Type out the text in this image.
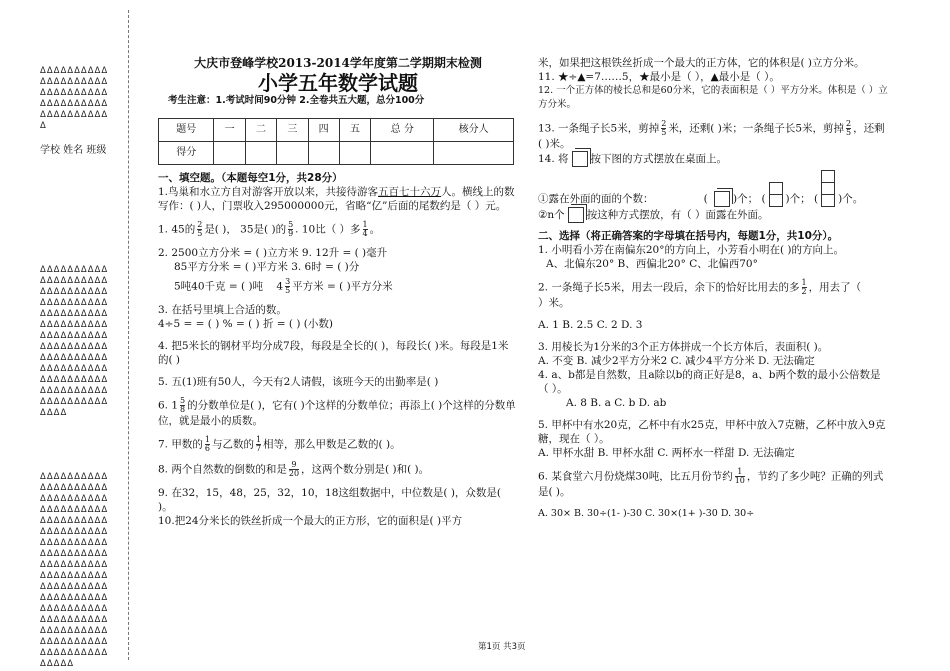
ΔΔΔΔΔΔΔΔΔΔΔΔΔΔΔΔΔΔΔΔΔΔΔΔΔΔΔΔΔΔΔΔΔΔΔΔΔΔΔΔΔΔΔΔΔΔΔΔΔΔΔ
学校 姓名 班级
ΔΔΔΔΔΔΔΔΔΔΔΔΔΔΔΔΔΔΔΔΔΔΔΔΔΔΔΔΔΔΔΔΔΔΔΔΔΔΔΔΔΔΔΔΔΔΔΔΔΔΔΔΔΔΔΔΔΔΔΔΔΔΔΔΔΔΔΔΔΔΔΔΔΔΔΔΔΔΔΔΔΔΔΔΔΔΔΔΔΔΔΔΔΔΔΔΔΔΔΔΔΔΔΔΔΔΔΔΔΔΔΔΔΔΔΔΔΔΔΔΔΔΔΔΔΔΔΔΔΔΔΔΔΔ
ΔΔΔΔΔΔΔΔΔΔΔΔΔΔΔΔΔΔΔΔΔΔΔΔΔΔΔΔΔΔΔΔΔΔΔΔΔΔΔΔΔΔΔΔΔΔΔΔΔΔΔΔΔΔΔΔΔΔΔΔΔΔΔΔΔΔΔΔΔΔΔΔΔΔΔΔΔΔΔΔΔΔΔΔΔΔΔΔΔΔΔΔΔΔΔΔΔΔΔΔΔΔΔΔΔΔΔΔΔΔΔΔΔΔΔΔΔΔΔΔΔΔΔΔΔΔΔΔΔΔΔΔΔΔΔΔΔΔΔΔΔΔΔΔΔΔΔΔΔΔΔΔΔΔΔΔΔΔΔΔΔΔΔΔΔΔΔΔΔΔΔΔΔΔΔ
大庆市登峰学校2013-2014学年度第二学期期末检测
小学五年数学试题
考生注意：1.考试时间90分钟 2.全卷共五大题，总分100分
题号	一	二	三	四	五	总 分	核分人
得分							
一、填空题。（本题每空1分，共28分）

1.鸟巢和水立方自对游客开放以来，共接待游客五百七十六万人。横线上的数写作：( )人，门票收入295000000元，省略“亿”后面的尾数约是（ ）元。

1. 45的 $\frac{2}{5}$ 是( )， 35是( )的 $\frac{5}{9}$ . 10比（ ）多 $\frac{1}{4}$ 。

2. 2500立方分米 = ( )立方米 9. 12升 = ( )毫升

85平方分米 = ( )平方米 3. 6时 = ( )分

5吨40千克 = ( )吨    $4 \frac{3}{5}$ 平方米 = ( )平方分米

3. 在括号里填上合适的数。

4÷5 = = ( ) % = ( ) 折 = ( ) (小数)

4. 把5米长的钢材平均分成7段，每段是全长的( )，每段长( )米。每段是1米的( )

5. 五(1)班有50人，今天有2人请假，该班今天的出勤率是( )

6. $1 \frac{5}{8}$ 的分数单位是( )，它有( )个这样的分数单位；再添上( )个这样的分数单位，就是最小的质数。

7. 甲数的 $\frac{1}{6}$ 与乙数的 $\frac{1}{7}$ 相等，那么甲数是乙数的( )。

8. 两个自然数的倒数的和是 $\frac{9}{20}$ ，这两个数分别是( )和( )。

9. 在32，15，48，25，32，10，18这组数据中，中位数是( )，众数是( )。

10.把24分米长的铁丝折成一个最大的正方形，它的面积是( )平方

米，如果把这根铁丝折成一个最大的正方体，它的体积是( )立方分米。

11. ★÷▲=7……5，★最小是（ ），▲最小是（ ）。

12. 一个正方体的棱长总和是60分米，它的表面积是（ ）平方分米。体积是（ ）立方分米。

13. 一条绳子长5米，剪掉 $\frac{2}{5}$ 米，还剩( )米；一条绳子长5米，剪掉 $\frac{2}{5}$ ，还剩( )米。

14. 将 按下图的方式摆放在桌面上。

①露在外面的面的个数：               ( )个； ( )个； ( )个。

②n个 按这种方式摆放，有（ ）面露在外面。

二、选择（将正确答案的字母填在括号内，每题1分，共10分）。

1. 小明看小芳在南偏东20°的方向上，小芳看小明在( )的方向上。

A、北偏东20° B、西偏北20° C、北偏西70°

2. 一条绳子长5米，用去一段后，余下的恰好比用去的多 $\frac{1}{2}$ ，用去了（

）米。

A. 1 B. 2.5 C. 2 D. 3

3. 用棱长为1分米的3个正方体拼成一个长方体后，表面积( )。

A. 不变 B. 减少2平方分米2 C. 减少4平方分米 D. 无法确定

4. a、b都是自然数，且a除以b的商正好是8，a、b两个数的最小公倍数是（ ）。

A. 8 B. a C. b D. ab

5. 甲杯中有水20克，乙杯中有水25克，甲杯中放入7克糖，乙杯中放入9克糖，现在（ ）。

A. 甲杯水甜 B. 甲杯水甜 C. 两杯水一样甜 D. 无法确定

6. 某食堂六月份烧煤30吨，比五月份节约 $\frac{1}{10}$ ，节约了多少吨？正确的列式是( )。

A. 30× B. 30÷(1- )-30 C. 30×(1+ )-30 D. 30÷

第1页 共3页
